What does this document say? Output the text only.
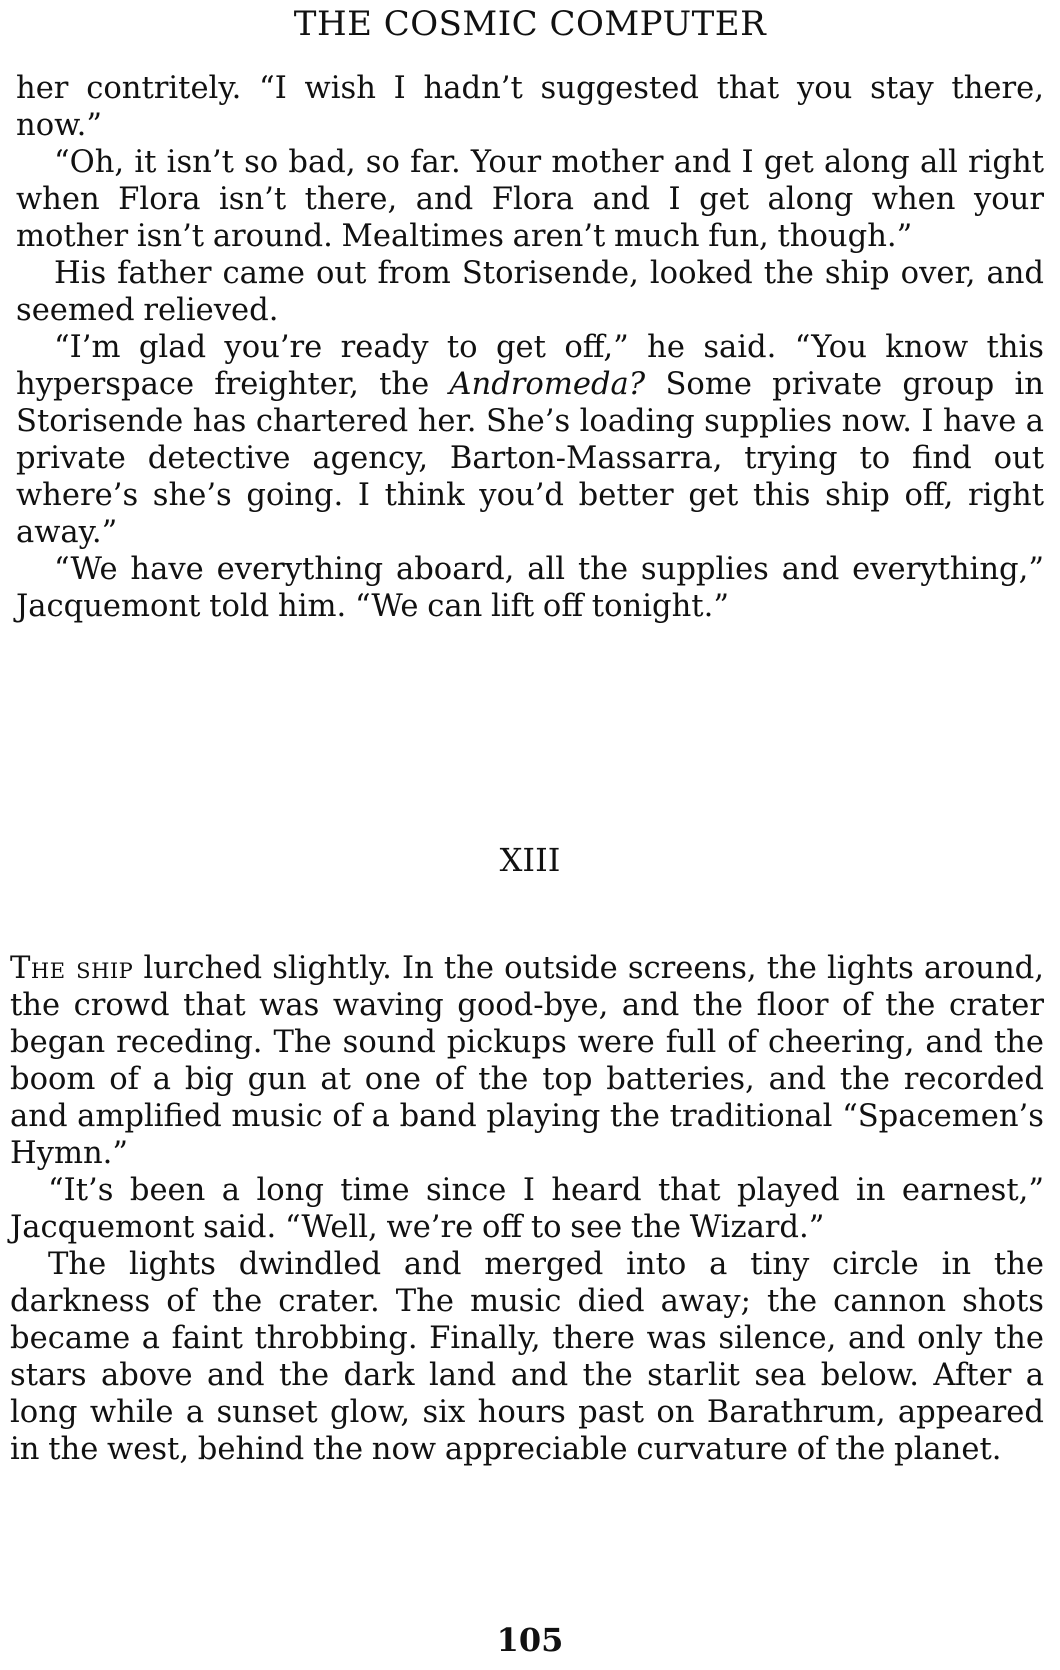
THE COSMIC COMPUTER

her contritely. “I wish I hadn’t suggested that you stay there, now.”

“Oh, it isn’t so bad, so far. Your mother and I get along all right when Flora isn’t there, and Flora and I get along when your mother isn’t around. Mealtimes aren’t much fun, though.”

His father came out from Storisende, looked the ship over, and seemed relieved.

“I’m glad you’re ready to get off,” he said. “You know this hyperspace freighter, the Andromeda? Some private group in Storisende has chartered her. She’s loading supplies now. I have a private detective agency, Barton-Massarra, trying to find out where’s she’s going. I think you’d better get this ship off, right away.”

“We have everything aboard, all the supplies and everything,” Jacquemont told him. “We can lift off tonight.”

XIII

The ship lurched slightly. In the outside screens, the lights around, the crowd that was waving good-bye, and the floor of the crater began receding. The sound pickups were full of cheering, and the boom of a big gun at one of the top batteries, and the recorded and amplified music of a band playing the traditional “Spacemen’s Hymn.”

“It’s been a long time since I heard that played in earnest,” Jacquemont said. “Well, we’re off to see the Wizard.”

The lights dwindled and merged into a tiny circle in the darkness of the crater. The music died away; the cannon shots became a faint throbbing. Finally, there was silence, and only the stars above and the dark land and the starlit sea below. After a long while a sunset glow, six hours past on Barathrum, appeared in the west, behind the now appreciable curvature of the planet.

105
